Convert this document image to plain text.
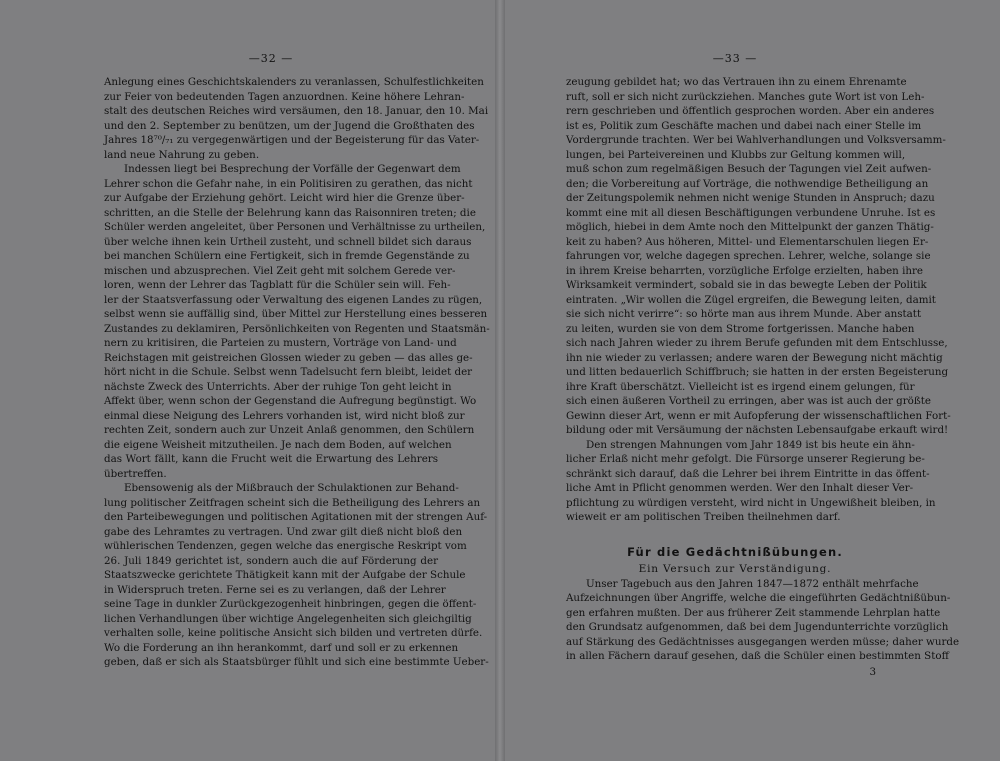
— 32 —
Anlegung eines Geschichtskalenders zu veranlassen, Schulfestlichkeiten
zur Feier von bedeutenden Tagen anzuordnen. Keine höhere Lehran-
stalt des deutschen Reiches wird versäumen, den 18. Januar, den 10. Mai
und den 2. September zu benützen, um der Jugend die Großthaten des
Jahres 18⁷⁰/₇₁ zu vergegenwärtigen und der Begeisterung für das Vater-
land neue Nahrung zu geben.
Indessen liegt bei Besprechung der Vorfälle der Gegenwart dem
Lehrer schon die Gefahr nahe, in ein Politisiren zu gerathen, das nicht
zur Aufgabe der Erziehung gehört. Leicht wird hier die Grenze über-
schritten, an die Stelle der Belehrung kann das Raisonniren treten; die
Schüler werden angeleitet, über Personen und Verhältnisse zu urtheilen,
über welche ihnen kein Urtheil zusteht, und schnell bildet sich daraus
bei manchen Schülern eine Fertigkeit, sich in fremde Gegenstände zu
mischen und abzusprechen. Viel Zeit geht mit solchem Gerede ver-
loren, wenn der Lehrer das Tagblatt für die Schüler sein will. Feh-
ler der Staatsverfassung oder Verwaltung des eigenen Landes zu rügen,
selbst wenn sie auffällig sind, über Mittel zur Herstellung eines besseren
Zustandes zu deklamiren, Persönlichkeiten von Regenten und Staatsmän-
nern zu kritisiren, die Parteien zu mustern, Vorträge von Land- und
Reichstagen mit geistreichen Glossen wieder zu geben — das alles ge-
hört nicht in die Schule. Selbst wenn Tadelsucht fern bleibt, leidet der
nächste Zweck des Unterrichts. Aber der ruhige Ton geht leicht in
Affekt über, wenn schon der Gegenstand die Aufregung begünstigt. Wo
einmal diese Neigung des Lehrers vorhanden ist, wird nicht bloß zur
rechten Zeit, sondern auch zur Unzeit Anlaß genommen, den Schülern
die eigene Weisheit mitzutheilen. Je nach dem Boden, auf welchen
das Wort fällt, kann die Frucht weit die Erwartung des Lehrers
übertreffen.
Ebensowenig als der Mißbrauch der Schulaktionen zur Behand-
lung politischer Zeitfragen scheint sich die Betheiligung des Lehrers an
den Parteibewegungen und politischen Agitationen mit der strengen Auf-
gabe des Lehramtes zu vertragen. Und zwar gilt dieß nicht bloß den
wühlerischen Tendenzen, gegen welche das energische Reskript vom
26. Juli 1849 gerichtet ist, sondern auch die auf Förderung der
Staatszwecke gerichtete Thätigkeit kann mit der Aufgabe der Schule
in Widerspruch treten. Ferne sei es zu verlangen, daß der Lehrer
seine Tage in dunkler Zurückgezogenheit hinbringen, gegen die öffent-
lichen Verhandlungen über wichtige Angelegenheiten sich gleichgiltig
verhalten solle, keine politische Ansicht sich bilden und vertreten dürfe.
Wo die Forderung an ihn herankommt, darf und soll er zu erkennen
geben, daß er sich als Staatsbürger fühlt und sich eine bestimmte Ueber-
— 33 —
zeugung gebildet hat; wo das Vertrauen ihn zu einem Ehrenamte
ruft, soll er sich nicht zurückziehen. Manches gute Wort ist von Leh-
rern geschrieben und öffentlich gesprochen worden. Aber ein anderes
ist es, Politik zum Geschäfte machen und dabei nach einer Stelle im
Vordergrunde trachten. Wer bei Wahlverhandlungen und Volksversamm-
lungen, bei Parteivereinen und Klubbs zur Geltung kommen will,
muß schon zum regelmäßigen Besuch der Tagungen viel Zeit aufwen-
den; die Vorbereitung auf Vorträge, die nothwendige Betheiligung an
der Zeitungspolemik nehmen nicht wenige Stunden in Anspruch; dazu
kommt eine mit all diesen Beschäftigungen verbundene Unruhe. Ist es
möglich, hiebei in dem Amte noch den Mittelpunkt der ganzen Thätig-
keit zu haben? Aus höheren, Mittel- und Elementarschulen liegen Er-
fahrungen vor, welche dagegen sprechen. Lehrer, welche, solange sie
in ihrem Kreise beharrten, vorzügliche Erfolge erzielten, haben ihre
Wirksamkeit vermindert, sobald sie in das bewegte Leben der Politik
eintraten. „Wir wollen die Zügel ergreifen, die Bewegung leiten, damit
sie sich nicht verirre“: so hörte man aus ihrem Munde. Aber anstatt
zu leiten, wurden sie von dem Strome fortgerissen. Manche haben
sich nach Jahren wieder zu ihrem Berufe gefunden mit dem Entschlusse,
ihn nie wieder zu verlassen; andere waren der Bewegung nicht mächtig
und litten bedauerlich Schiffbruch; sie hatten in der ersten Begeisterung
ihre Kraft überschätzt. Vielleicht ist es irgend einem gelungen, für
sich einen äußeren Vortheil zu erringen, aber was ist auch der größte
Gewinn dieser Art, wenn er mit Aufopferung der wissenschaftlichen Fort-
bildung oder mit Versäumung der nächsten Lebensaufgabe erkauft wird!
Den strengen Mahnungen vom Jahr 1849 ist bis heute ein ähn-
licher Erlaß nicht mehr gefolgt. Die Fürsorge unserer Regierung be-
schränkt sich darauf, daß die Lehrer bei ihrem Eintritte in das öffent-
liche Amt in Pflicht genommen werden. Wer den Inhalt dieser Ver-
pflichtung zu würdigen versteht, wird nicht in Ungewißheit bleiben, in
wieweit er am politischen Treiben theilnehmen darf.
Für die Gedächtnißübungen.
Ein Versuch zur Verständigung.
Unser Tagebuch aus den Jahren 1847—1872 enthält mehrfache
Aufzeichnungen über Angriffe, welche die eingeführten Gedächtnißübun-
gen erfahren mußten. Der aus früherer Zeit stammende Lehrplan hatte
den Grundsatz aufgenommen, daß bei dem Jugendunterrichte vorzüglich
auf Stärkung des Gedächtnisses ausgegangen werden müsse; daher wurde
in allen Fächern darauf gesehen, daß die Schüler einen bestimmten Stoff
3
